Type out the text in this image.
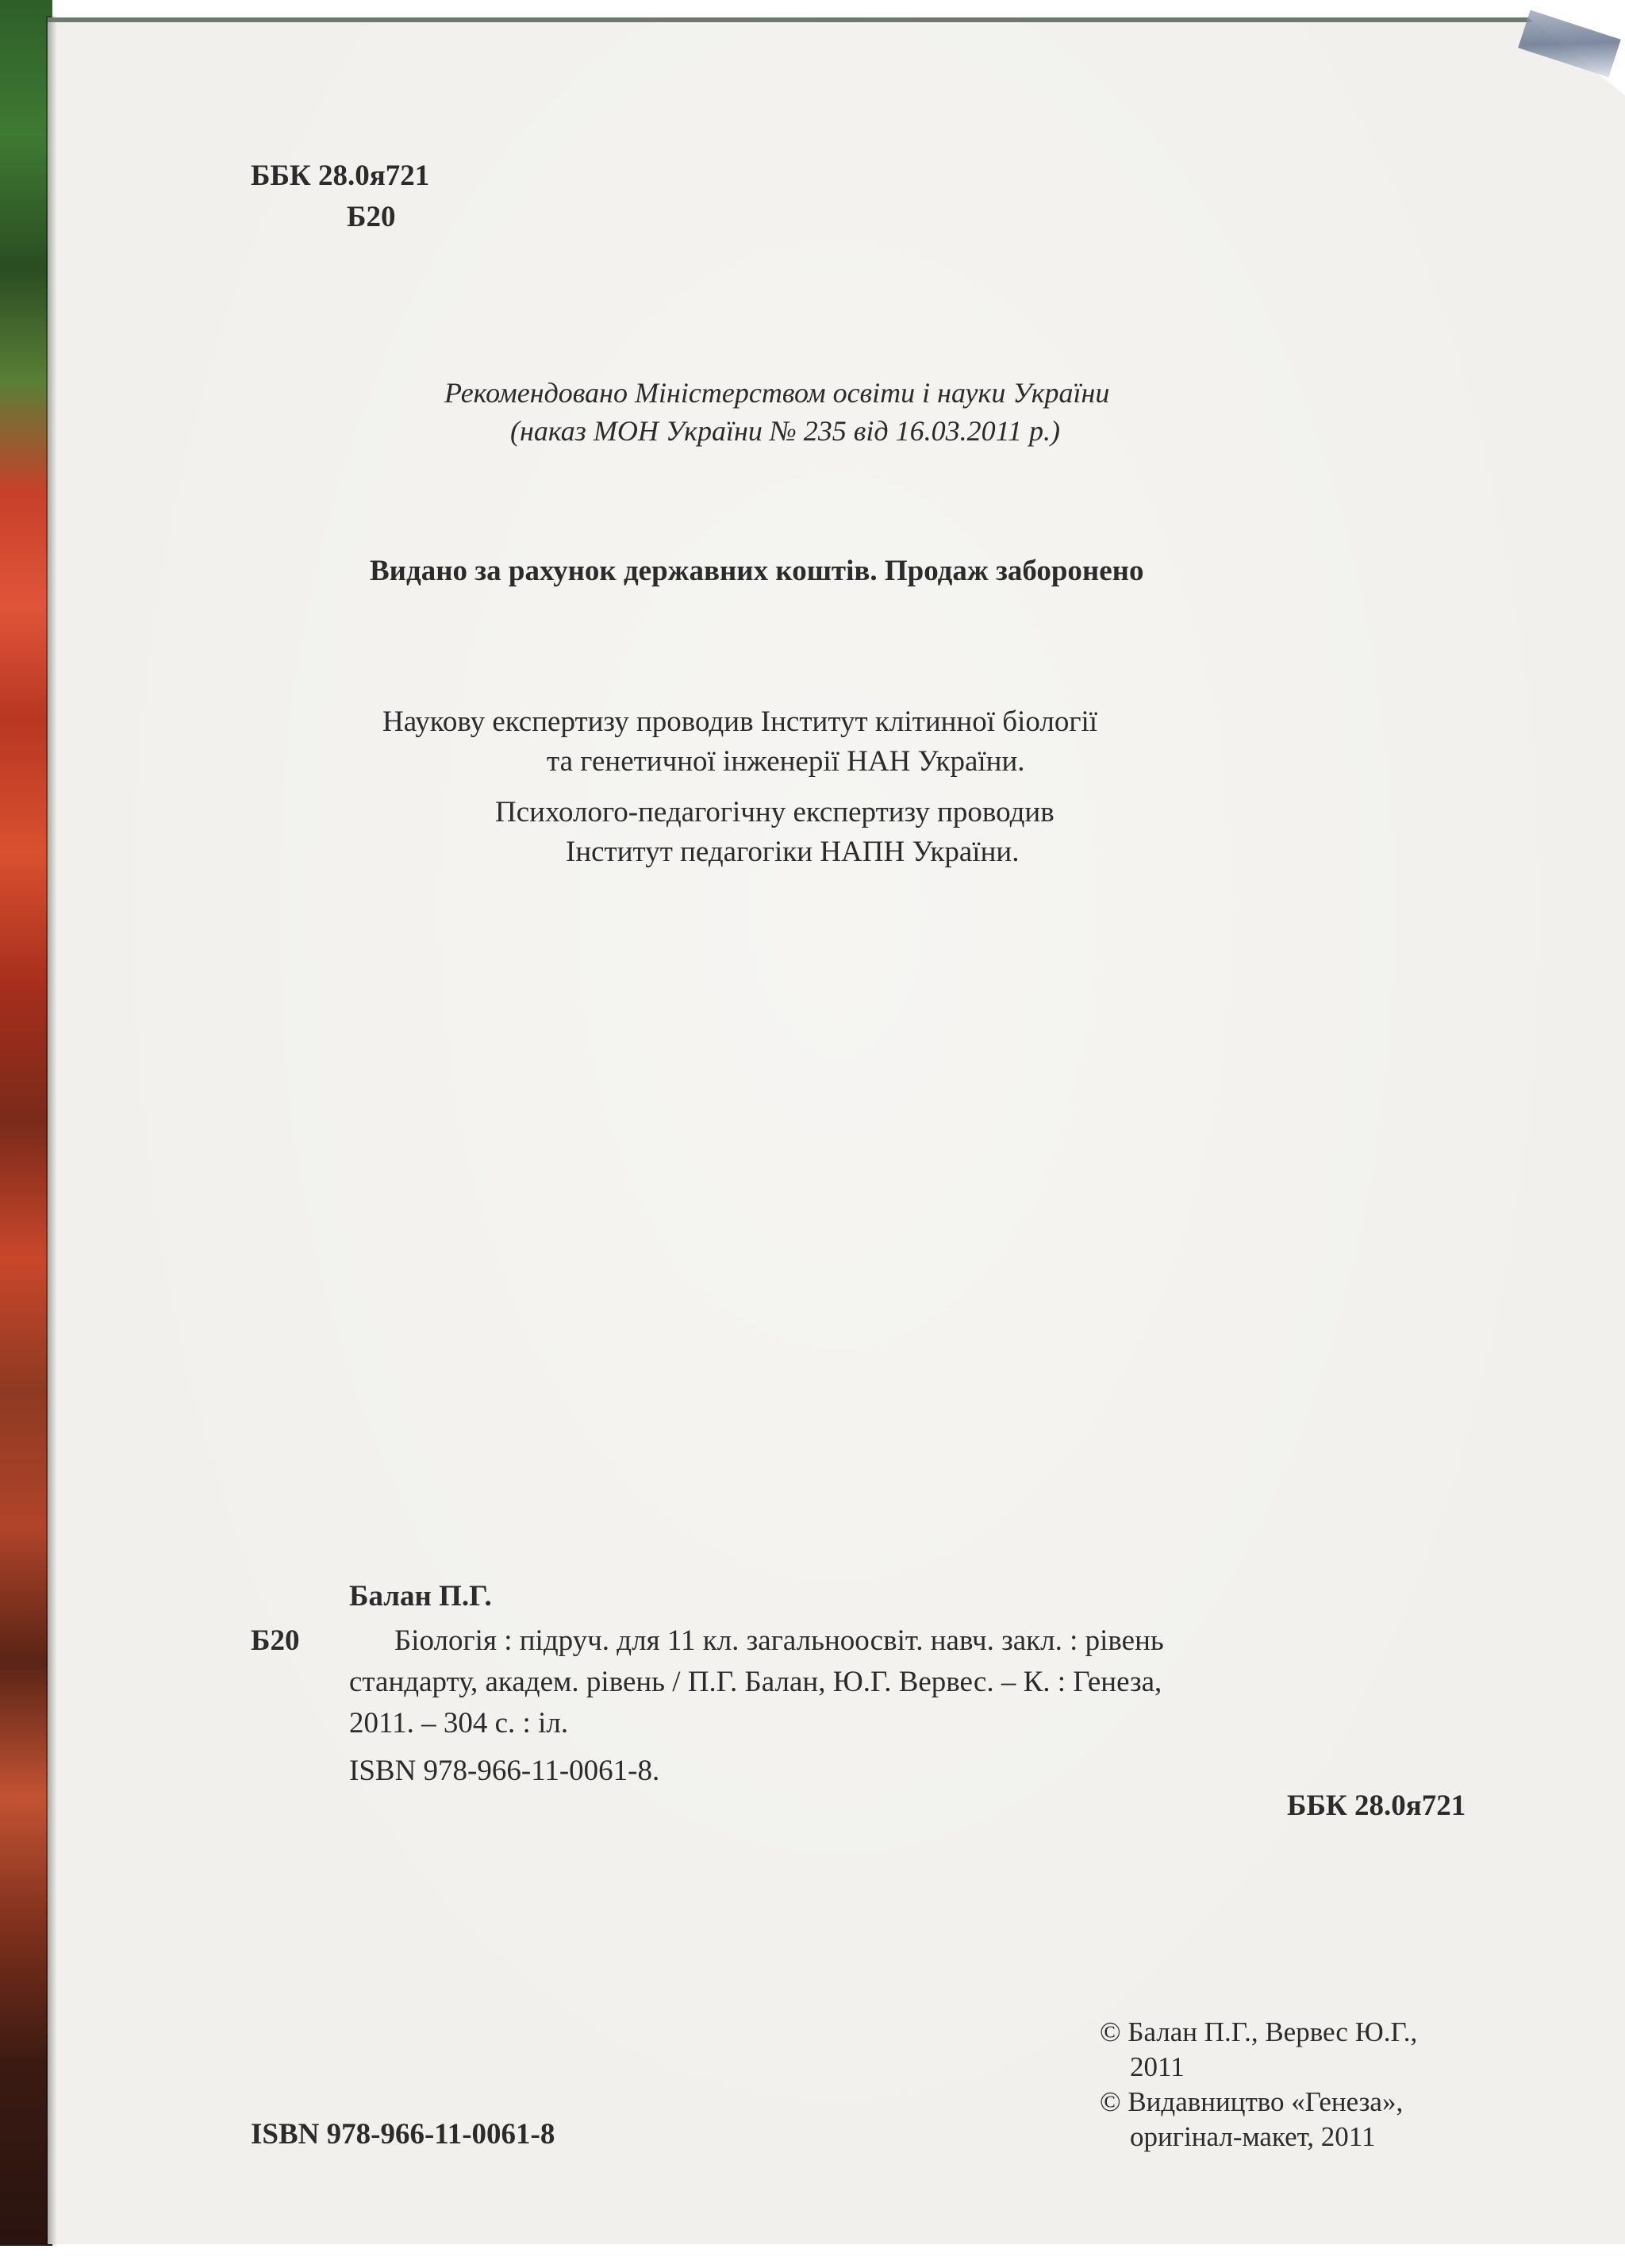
ББК 28.0я721
Б20
Рекомендовано Міністерством освіти і науки України
(наказ МОН України № 235 від 16.03.2011 р.)
Видано за рахунок державних коштів. Продаж заборонено
Наукову експертизу проводив Інститут клітинної біології
та генетичної інженерії НАН України.
Психолого-педагогічну експертизу проводив
Інститут педагогіки НАПН України.
Балан П.Г.
Б20	Біологія : підруч. для 11 кл. загальноосвіт. навч. закл. : рівень
стандарту, академ. рівень / П.Г. Балан, Ю.Г. Вервес. – К. : Генеза,
2011. – 304 с. : іл.
ISBN 978-966-11-0061-8.
ББК 28.0я721
ISBN 978-966-11-0061-8
© Балан П.Г., Вервес Ю.Г.,
2011
© Видавництво «Генеза»,
оригінал-макет, 2011
